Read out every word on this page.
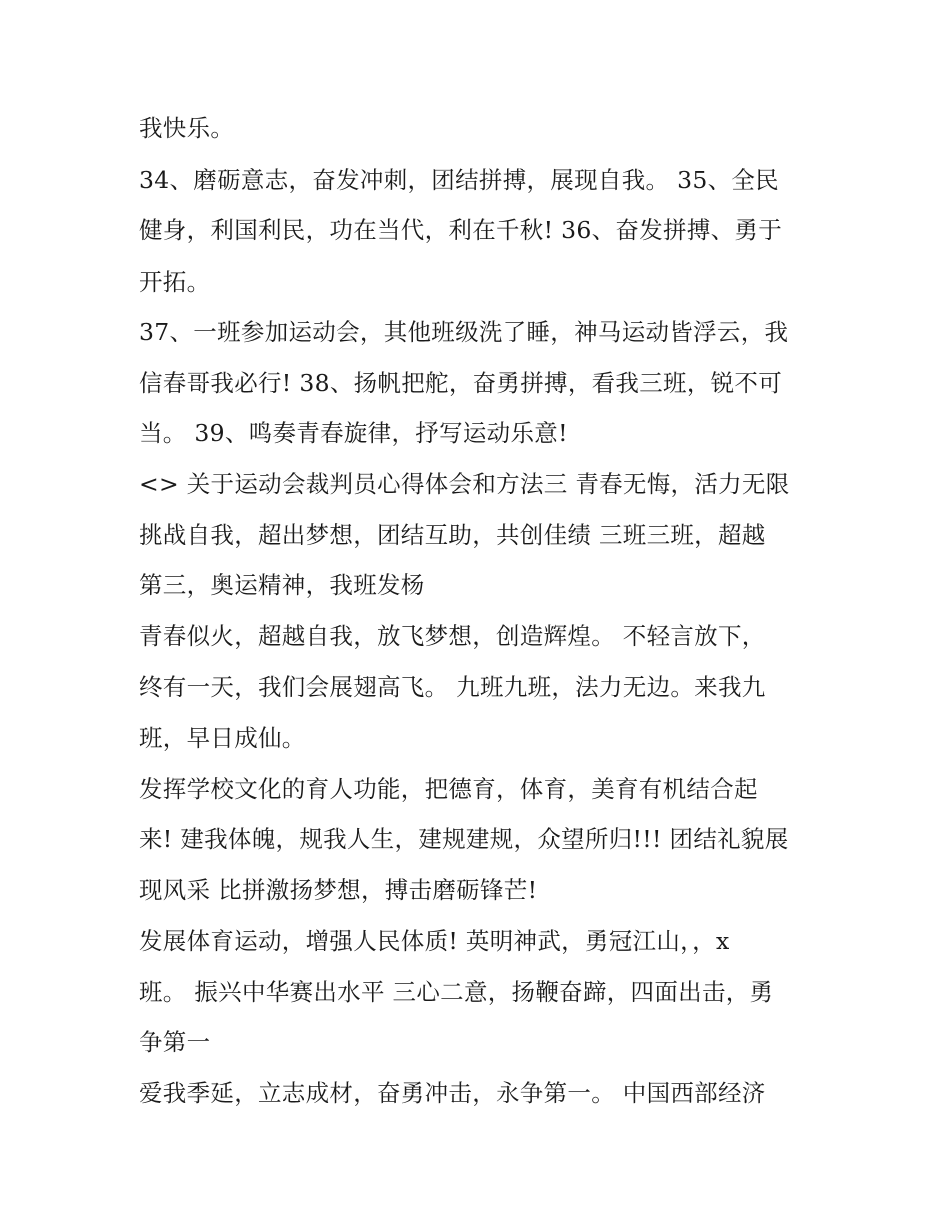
我快乐。
34、磨砺意志，奋发冲刺，团结拼搏，展现自我。 35、全民
健身，利国利民，功在当代，利在千秋! 36、奋发拼搏、勇于
开拓。
37、一班参加运动会，其他班级洗了睡，神马运动皆浮云，我
信春哥我必行! 38、扬帆把舵，奋勇拼搏，看我三班，锐不可
当。 39、鸣奏青春旋律，抒写运动乐意!
<> 关于运动会裁判员心得体会和方法三 青春无悔，活力无限
挑战自我，超出梦想，团结互助，共创佳绩 三班三班，超越
第三，奥运精神，我班发杨
青春似火，超越自我，放飞梦想，创造辉煌。 不轻言放下，
终有一天，我们会展翅高飞。 九班九班，法力无边。来我九
班，早日成仙。
发挥学校文化的育人功能，把德育，体育，美育有机结合起
来! 建我体魄，规我人生，建规建规，众望所归!!! 团结礼貌展
现风采 比拼激扬梦想，搏击磨砺锋芒!
发展体育运动，增强人民体质! 英明神武，勇冠江山，，x
班。 振兴中华赛出水平 三心二意，扬鞭奋蹄，四面出击，勇
争第一
爱我季延，立志成材，奋勇冲击，永争第一。 中国西部经济
